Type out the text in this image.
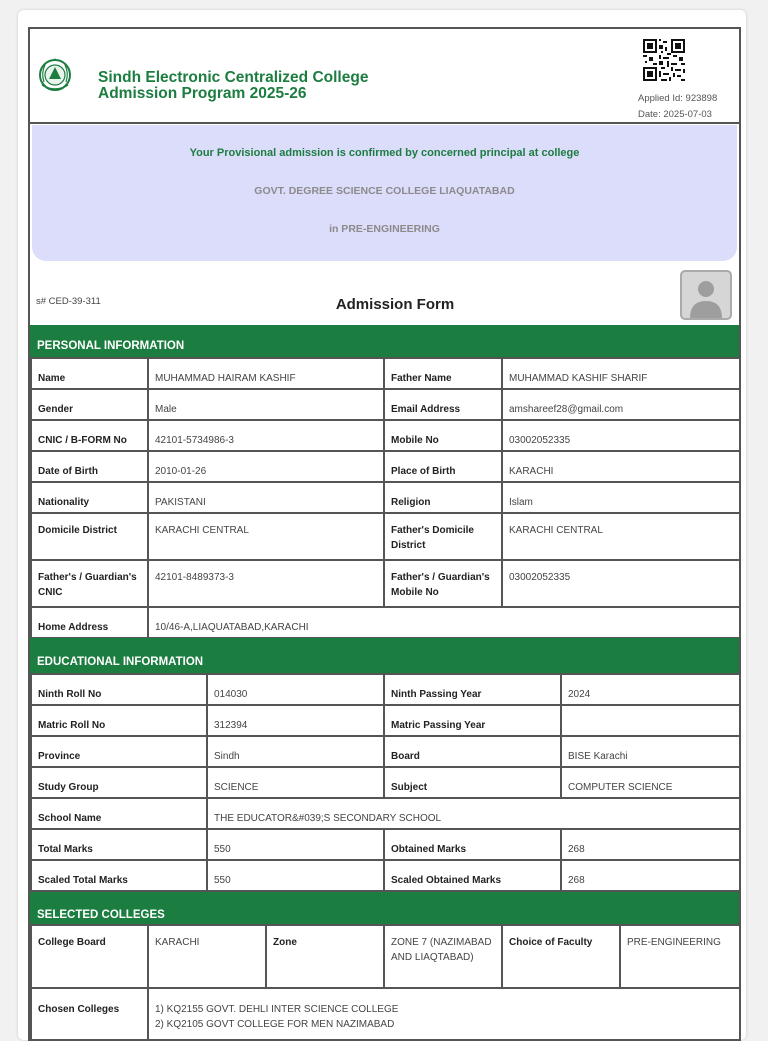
Sindh Electronic Centralized College
Admission Program 2025-26	Applied Id: 923898
Date: 2025-07-03
Your Provisional admission is confirmed by concerned principal at college
GOVT. DEGREE SCIENCE COLLEGE LIAQUATABAD
in PRE-ENGINEERING
s# CED-39-311	Admission Form
PERSONAL INFORMATION
Name	MUHAMMAD HAIRAM KASHIF	Father Name	MUHAMMAD KASHIF SHARIF
Gender	Male	Email Address	amshareef28@gmail.com
CNIC / B-FORM No	42101-5734986-3	Mobile No	03002052335
Date of Birth	2010-01-26	Place of Birth	KARACHI
Nationality	PAKISTANI	Religion	Islam
Domicile District	KARACHI CENTRAL	Father's Domicile District	KARACHI CENTRAL
Father's / Guardian's CNIC	42101-8489373-3	Father's / Guardian's Mobile No	03002052335
Home Address	10/46-A,LIAQUATABAD,KARACHI		
EDUCATIONAL INFORMATION
Ninth Roll No	014030	Ninth Passing Year	2024
Matric Roll No	312394	Matric Passing Year	
Province	Sindh	Board	BISE Karachi
Study Group	SCIENCE	Subject	COMPUTER SCIENCE
School Name	THE EDUCATOR&#039;S SECONDARY SCHOOL		
Total Marks	550	Obtained Marks	268
Scaled Total Marks	550	Scaled Obtained Marks	268
SELECTED COLLEGES
College Board	KARACHI	Zone	ZONE 7 (NAZIMABAD AND LIAQTABAD)	Choice of Faculty	PRE-ENGINEERING
Chosen Colleges	1) KQ2155 GOVT. DEHLI INTER SCIENCE COLLEGE
2) KQ2105 GOVT COLLEGE FOR MEN NAZIMABAD				
